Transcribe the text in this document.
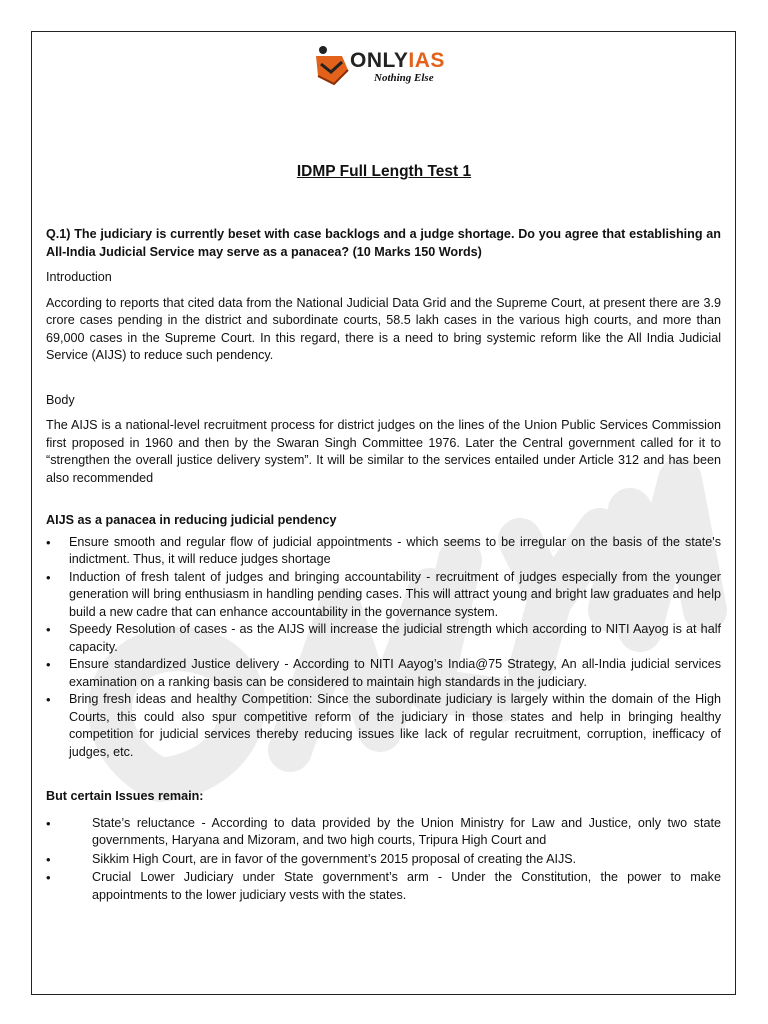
ONLYIAS
Nothing Else
IDMP Full Length Test 1

Q.1) The judiciary is currently beset with case backlogs and a judge shortage. Do you agree that establishing an All-India Judicial Service may serve as a panacea? (10 Marks 150 Words)

Introduction

According to reports that cited data from the National Judicial Data Grid and the Supreme Court, at present there are 3.9 crore cases pending in the district and subordinate courts, 58.5 lakh cases in the various high courts, and more than 69,000 cases in the Supreme Court. In this regard, there is a need to bring systemic reform like the All India Judicial Service (AIJS) to reduce such pendency.

Body

The AIJS is a national-level recruitment process for district judges on the lines of the Union Public Services Commission first proposed in 1960 and then by the Swaran Singh Committee 1976. Later the Central government called for it to “strengthen the overall justice delivery system”. It will be similar to the services entailed under Article 312 and has been also recommended

AIJS as a panacea in reducing judicial pendency

• Ensure smooth and regular flow of judicial appointments - which seems to be irregular on the basis of the state's indictment. Thus, it will reduce judges shortage
• Induction of fresh talent of judges and bringing accountability - recruitment of judges especially from the younger generation will bring enthusiasm in handling pending cases. This will attract young and bright law graduates and help build a new cadre that can enhance accountability in the governance system.
• Speedy Resolution of cases - as the AIJS will increase the judicial strength which according to NITI Aayog is at half capacity.
• Ensure standardized Justice delivery - According to NITI Aayog’s India@75 Strategy, An all-India judicial services examination on a ranking basis can be considered to maintain high standards in the judiciary.
• Bring fresh ideas and healthy Competition: Since the subordinate judiciary is largely within the domain of the High Courts, this could also spur competitive reform of the judiciary in those states and help in bringing healthy competition for judicial services thereby reducing issues like lack of regular recruitment, corruption, inefficacy of judges, etc.

But certain Issues remain:

• State’s reluctance - According to data provided by the Union Ministry for Law and Justice, only two state governments, Haryana and Mizoram, and two high courts, Tripura High Court and
• Sikkim High Court, are in favor of the government’s 2015 proposal of creating the AIJS.
• Crucial Lower Judiciary under State government’s arm - Under the Constitution, the power to make appointments to the lower judiciary vests with the states.
